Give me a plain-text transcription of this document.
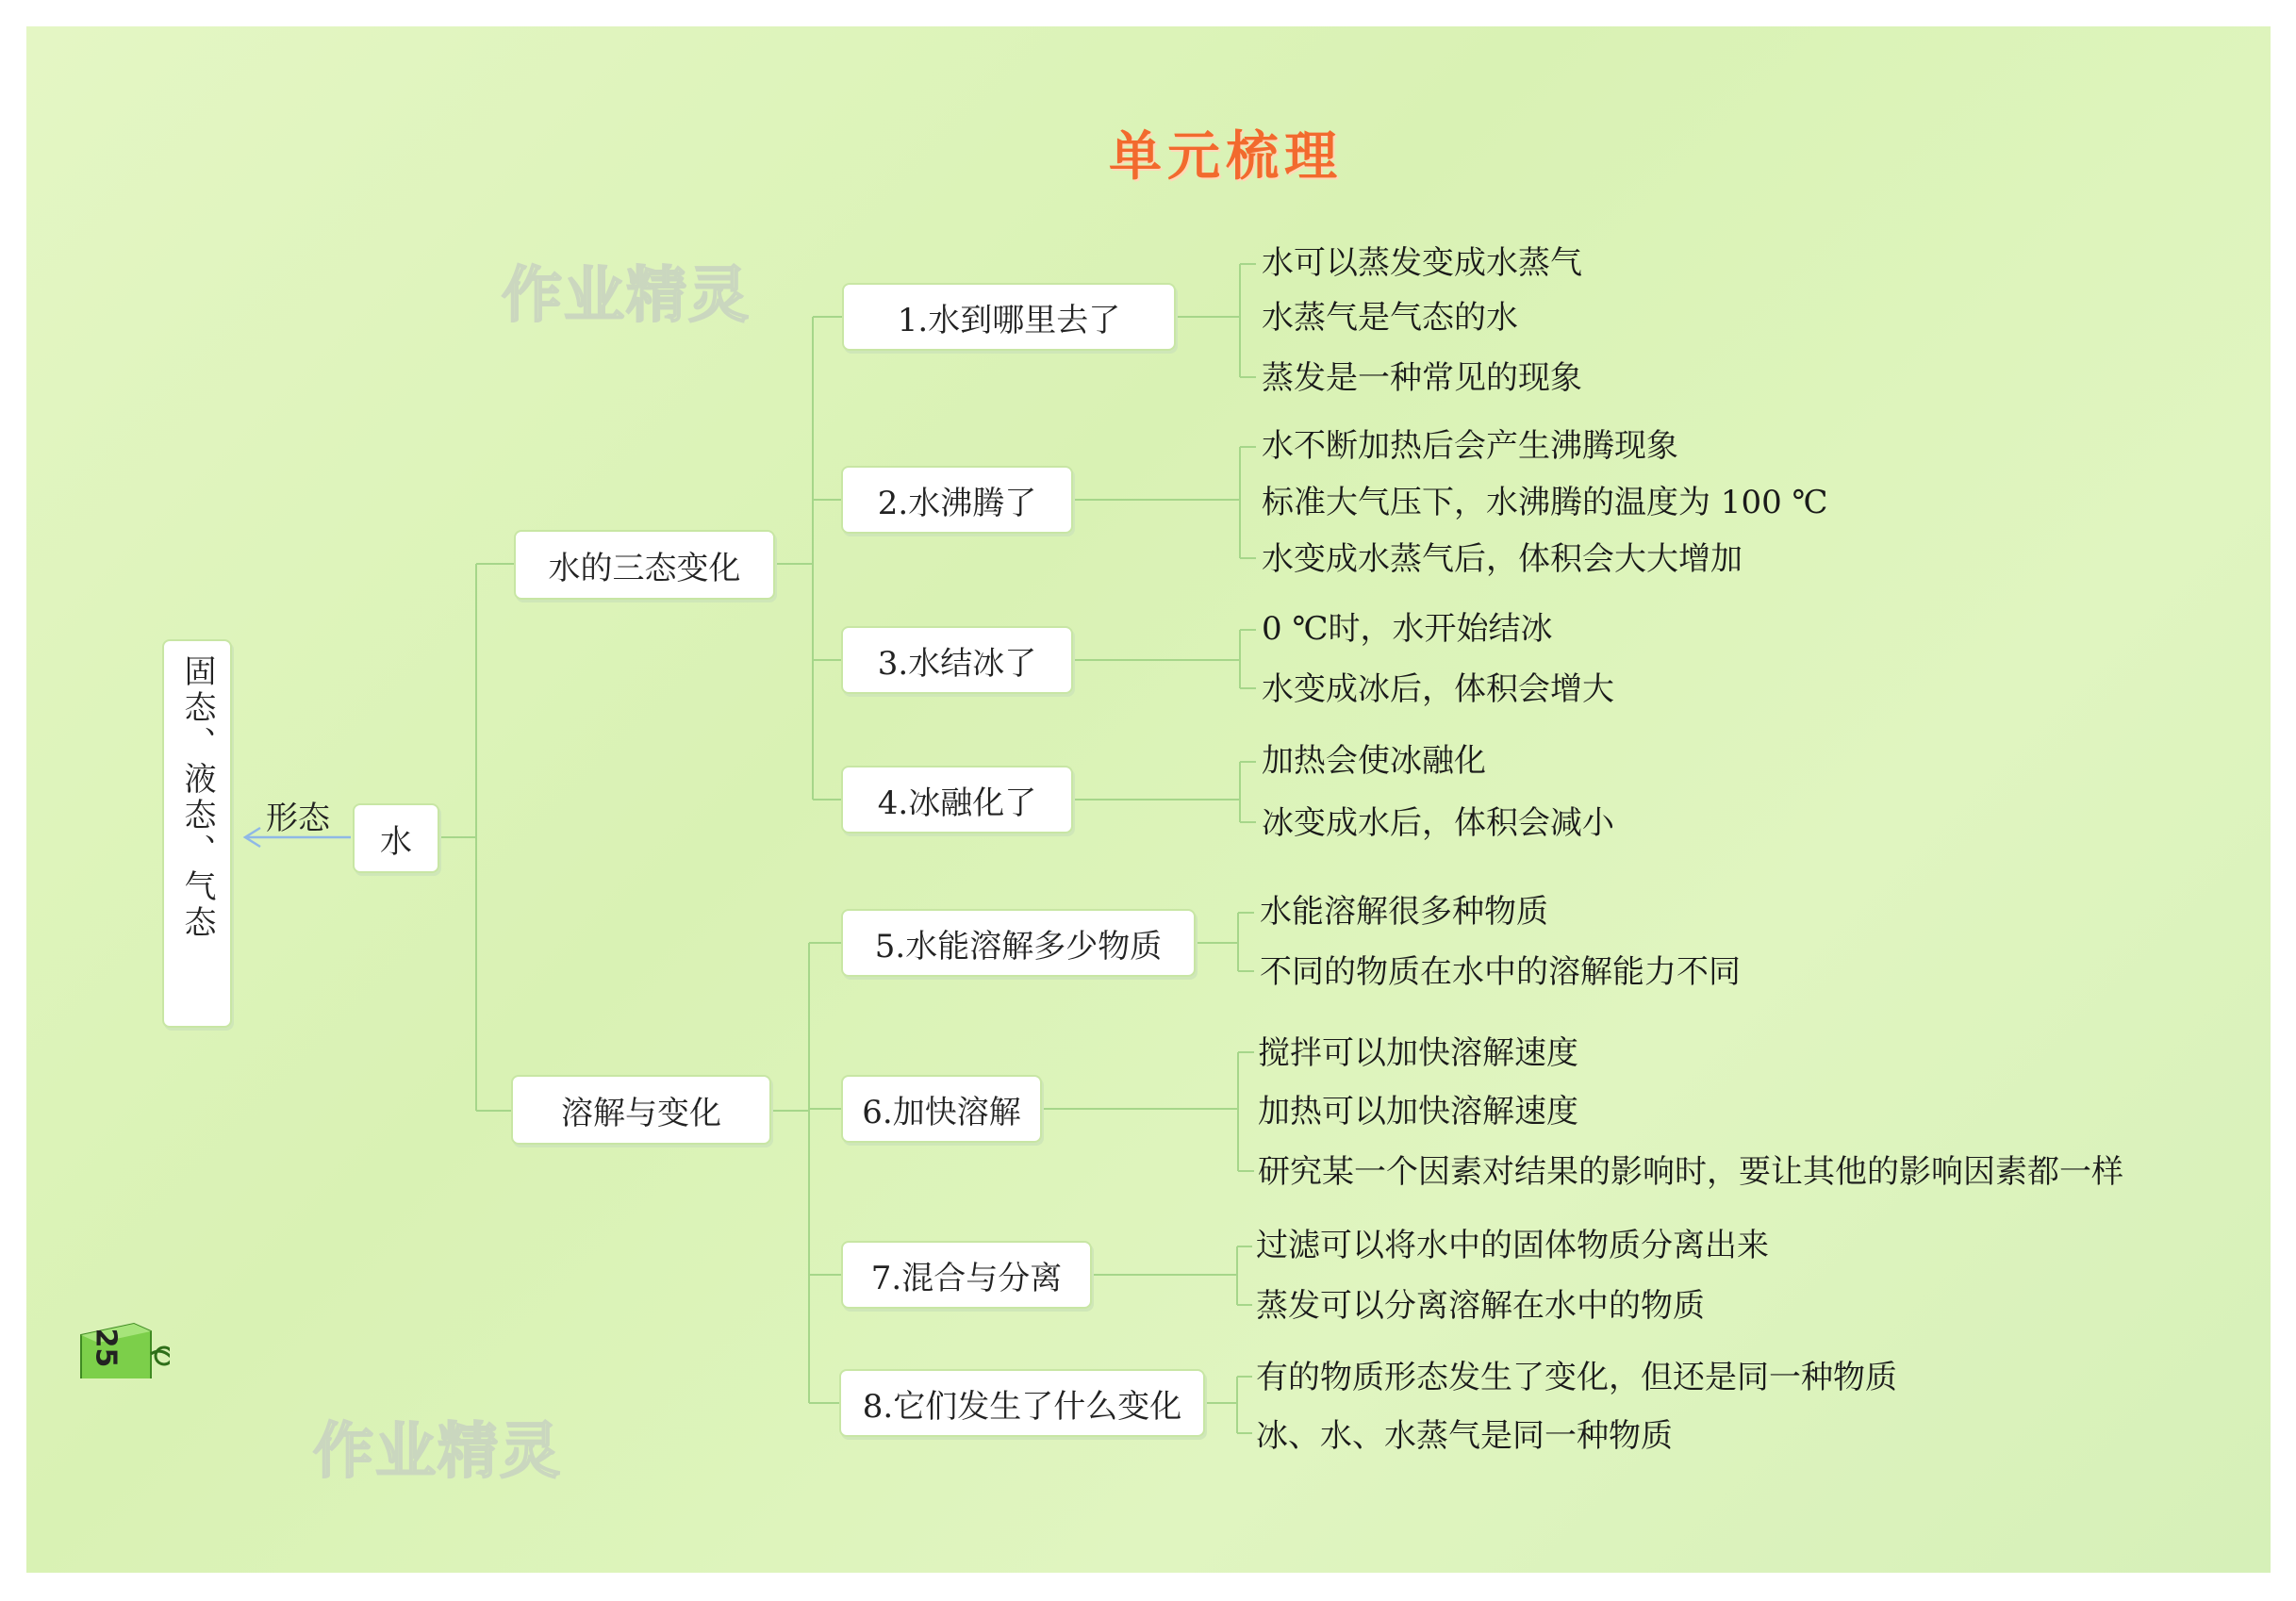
作业精灵
作业精灵
单元梳理
固态、液态、气态	形态
水
水的三态变化
溶解与变化
1.水到哪里去了
2.水沸腾了
3.水结冰了
4.冰融化了
5.水能溶解多少物质
6.加快溶解
7.混合与分离
8.它们发生了什么变化
水可以蒸发变成水蒸气
水蒸气是气态的水
蒸发是一种常见的现象
水不断加热后会产生沸腾现象
标准大气压下，水沸腾的温度为 100 ℃
水变成水蒸气后，体积会大大增加
0 ℃时，水开始结冰
水变成冰后，体积会增大
加热会使冰融化
冰变成水后，体积会减小
水能溶解很多种物质
不同的物质在水中的溶解能力不同
搅拌可以加快溶解速度
加热可以加快溶解速度
研究某一个因素对结果的影响时，要让其他的影响因素都一样
过滤可以将水中的固体物质分离出来
蒸发可以分离溶解在水中的物质
有的物质形态发生了变化，但还是同一种物质
冰、水、水蒸气是同一种物质
25
